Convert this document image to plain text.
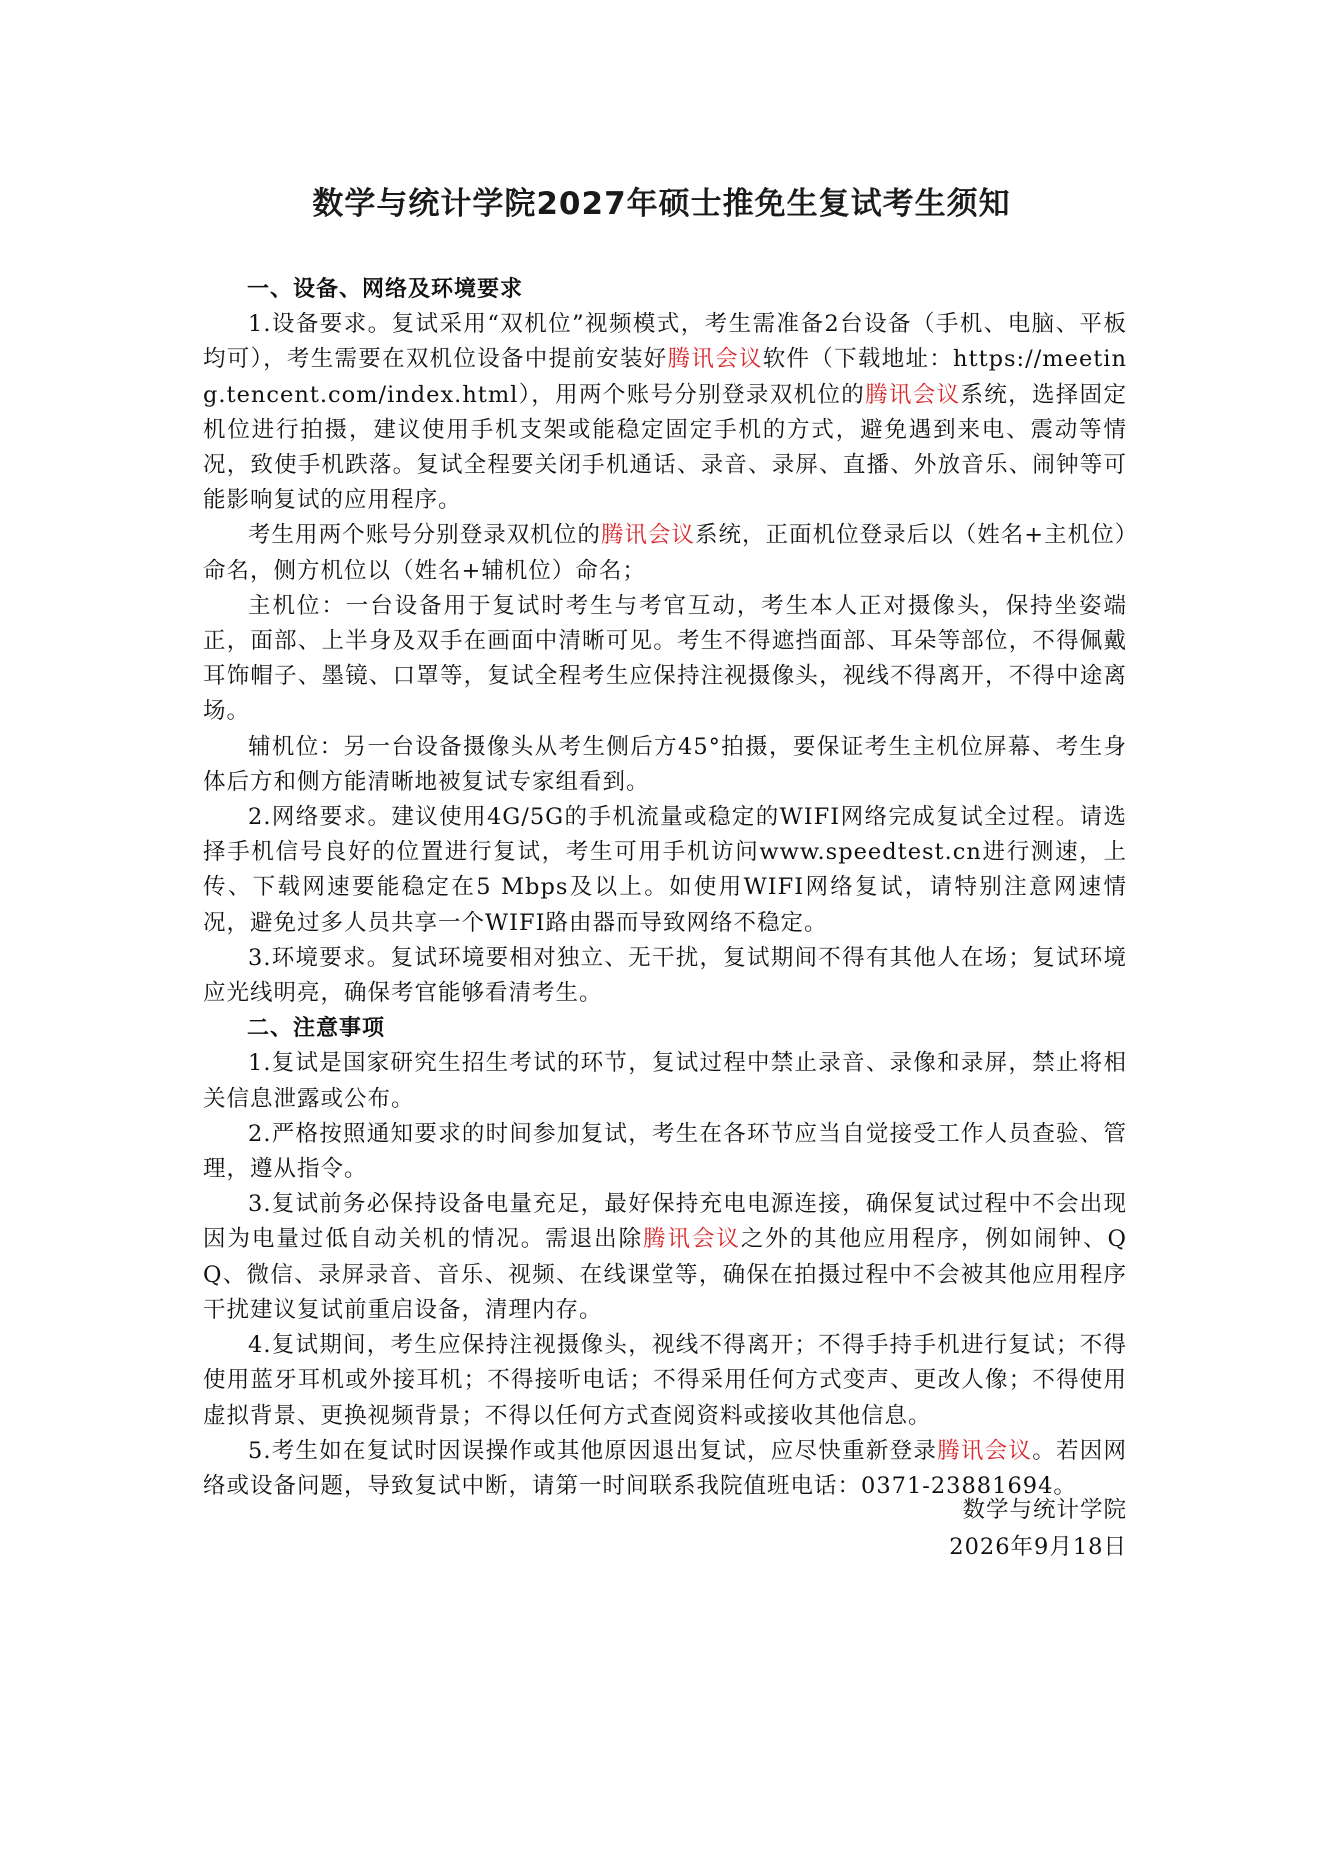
数学与统计学院2027年硕士推免生复试考生须知

一、设备、网络及环境要求

1.设备要求。复试采用“双机位”视频模式，考生需准备2台设备（手机、电脑、平板均可），考生需要在双机位设备中提前安装好腾讯会议软件（下载地址：https://meeting.tencent.com/index.html），用两个账号分别登录双机位的腾讯会议系统，选择固定机位进行拍摄，建议使用手机支架或能稳定固定手机的方式，避免遇到来电、震动等情况，致使手机跌落。复试全程要关闭手机通话、录音、录屏、直播、外放音乐、闹钟等可能影响复试的应用程序。

考生用两个账号分别登录双机位的腾讯会议系统，正面机位登录后以（姓名+主机位）命名，侧方机位以（姓名+辅机位）命名；

主机位：一台设备用于复试时考生与考官互动，考生本人正对摄像头，保持坐姿端正，面部、上半身及双手在画面中清晰可见。考生不得遮挡面部、耳朵等部位，不得佩戴耳饰帽子、墨镜、口罩等，复试全程考生应保持注视摄像头，视线不得离开，不得中途离场。

辅机位：另一台设备摄像头从考生侧后方45°拍摄，要保证考生主机位屏幕、考生身体后方和侧方能清晰地被复试专家组看到。

2.网络要求。建议使用4G/5G的手机流量或稳定的WIFI网络完成复试全过程。请选择手机信号良好的位置进行复试，考生可用手机访问www.speedtest.cn进行测速，上传、下载网速要能稳定在5 Mbps及以上。如使用WIFI网络复试，请特别注意网速情况，避免过多人员共享一个WIFI路由器而导致网络不稳定。

3.环境要求。复试环境要相对独立、无干扰，复试期间不得有其他人在场；复试环境应光线明亮，确保考官能够看清考生。

二、注意事项

1.复试是国家研究生招生考试的环节，复试过程中禁止录音、录像和录屏，禁止将相关信息泄露或公布。

2.严格按照通知要求的时间参加复试，考生在各环节应当自觉接受工作人员查验、管理，遵从指令。

3.复试前务必保持设备电量充足，最好保持充电电源连接，确保复试过程中不会出现因为电量过低自动关机的情况。需退出除腾讯会议之外的其他应用程序，例如闹钟、QQ、微信、录屏录音、音乐、视频、在线课堂等，确保在拍摄过程中不会被其他应用程序干扰建议复试前重启设备，清理内存。

4.复试期间，考生应保持注视摄像头，视线不得离开；不得手持手机进行复试；不得使用蓝牙耳机或外接耳机；不得接听电话；不得采用任何方式变声、更改人像；不得使用虚拟背景、更换视频背景；不得以任何方式查阅资料或接收其他信息。

5.考生如在复试时因误操作或其他原因退出复试，应尽快重新登录腾讯会议。若因网络或设备问题，导致复试中断，请第一时间联系我院值班电话：0371-23881694。

数学与统计学院
2026年9月18日
